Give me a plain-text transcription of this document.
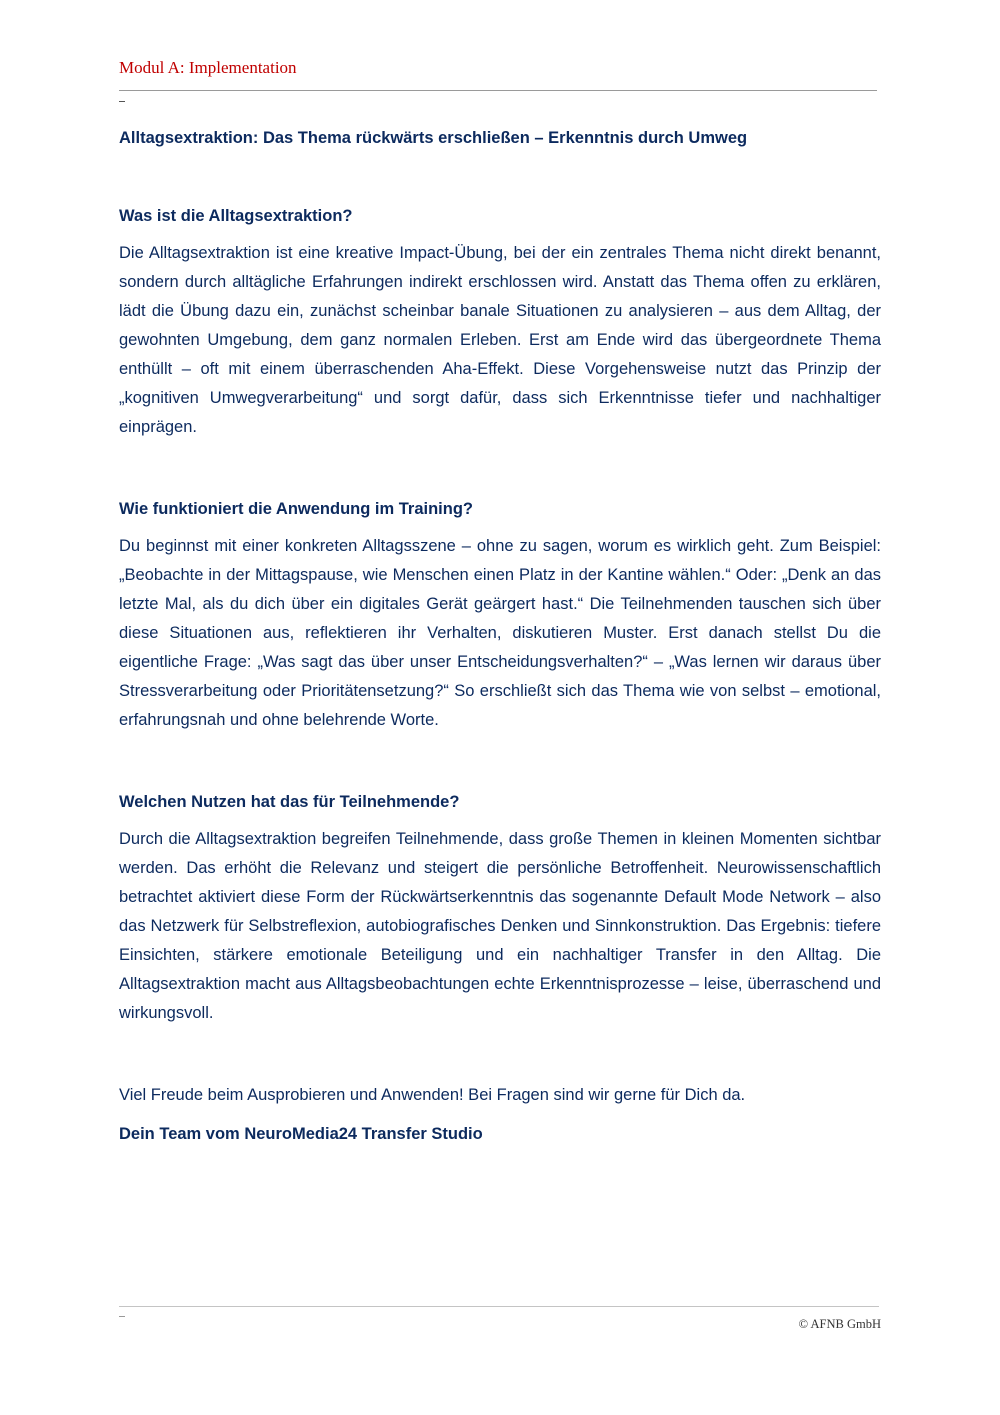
Modul A: Implementation

Alltagsextraktion: Das Thema rückwärts erschließen – Erkenntnis durch Umweg
Was ist die Alltagsextraktion?

Die Alltagsextraktion ist eine kreative Impact-Übung, bei der ein zentrales Thema nicht direkt benannt, sondern durch alltägliche Erfahrungen indirekt erschlossen wird. Anstatt das Thema offen zu erklären, lädt die Übung dazu ein, zunächst scheinbar banale Situationen zu analysieren – aus dem Alltag, der gewohnten Umgebung, dem ganz normalen Erleben. Erst am Ende wird das übergeordnete Thema enthüllt – oft mit einem überraschenden Aha-Effekt. Diese Vorgehensweise nutzt das Prinzip der „kognitiven Umwegverarbeitung“ und sorgt dafür, dass sich Erkenntnisse tiefer und nachhaltiger einprägen.

Wie funktioniert die Anwendung im Training?

Du beginnst mit einer konkreten Alltagsszene – ohne zu sagen, worum es wirklich geht. Zum Beispiel: „Beobachte in der Mittagspause, wie Menschen einen Platz in der Kantine wählen.“ Oder: „Denk an das letzte Mal, als du dich über ein digitales Gerät geärgert hast.“ Die Teilnehmenden tauschen sich über diese Situationen aus, reflektieren ihr Verhalten, diskutieren Muster. Erst danach stellst Du die eigentliche Frage: „Was sagt das über unser Entscheidungsverhalten?“ – „Was lernen wir daraus über Stressverarbeitung oder Prioritätensetzung?“ So erschließt sich das Thema wie von selbst – emotional, erfahrungsnah und ohne belehrende Worte.

Welchen Nutzen hat das für Teilnehmende?

Durch die Alltagsextraktion begreifen Teilnehmende, dass große Themen in kleinen Momenten sichtbar werden. Das erhöht die Relevanz und steigert die persönliche Betroffenheit. Neurowissenschaftlich betrachtet aktiviert diese Form der Rückwärtserkenntnis das sogenannte Default Mode Network – also das Netzwerk für Selbstreflexion, autobiografisches Denken und Sinnkonstruktion. Das Ergebnis: tiefere Einsichten, stärkere emotionale Beteiligung und ein nachhaltiger Transfer in den Alltag. Die Alltagsextraktion macht aus Alltagsbeobachtungen echte Erkenntnisprozesse – leise, überraschend und wirkungsvoll.

Viel Freude beim Ausprobieren und Anwenden! Bei Fragen sind wir gerne für Dich da.

Dein Team vom NeuroMedia24 Transfer Studio

© AFNB GmbH
